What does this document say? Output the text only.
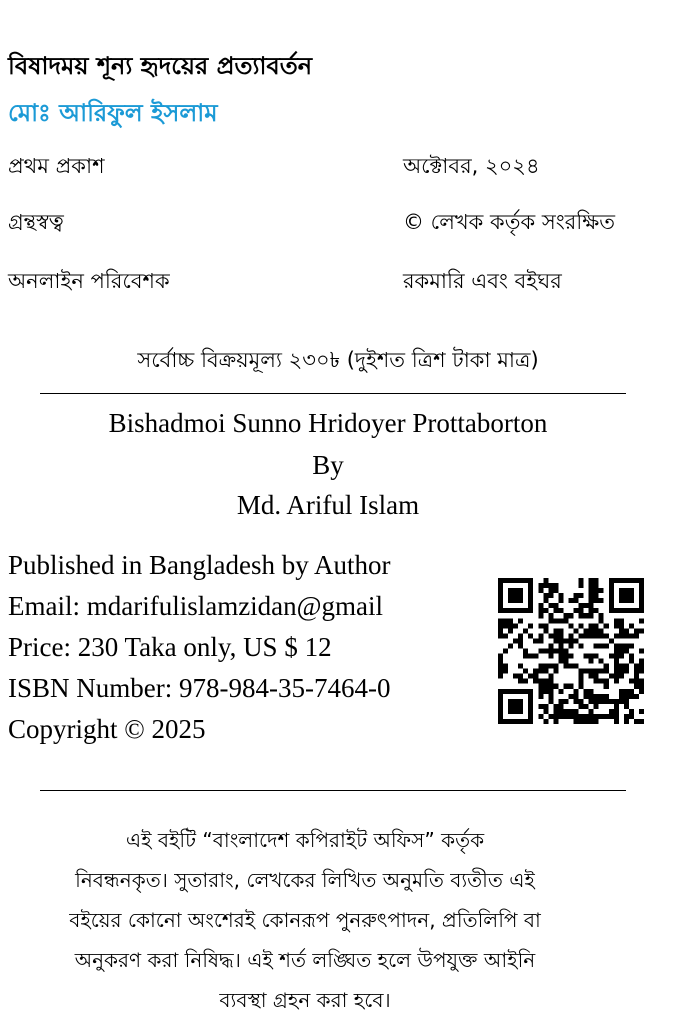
বিষাদময় শূন্য হৃদয়ের প্রত্যাবর্তন
মোঃ আরিফুল ইসলাম
প্রথম প্রকাশ	অক্টোবর, ২০২৪
গ্রন্থস্বত্ব	© লেখক কর্তৃক সংরক্ষিত
অনলাইন পরিবেশক	রকমারি এবং বইঘর
সর্বোচ্চ বিক্রয়মূল্য ২৩০৳ (দুইশত ত্রিশ টাকা মাত্র)
Bishadmoi Sunno Hridoyer Prottaborton
By
Md. Ariful Islam
Published in Bangladesh by Author
Email: mdarifulislamzidan@gmail
Price: 230 Taka only, US $ 12
ISBN Number: 978-984-35-7464-0
Copyright © 2025
এই বইটি “বাংলাদেশ কপিরাইট অফিস” কর্তৃক
নিবন্ধনকৃত। সুতারাং, লেখকের লিখিত অনুমতি ব্যতীত এই
বইয়ের কোনো অংশেরই কোনরূপ পুনরুৎপাদন, প্রতিলিপি বা
অনুকরণ করা নিষিদ্ধ। এই শর্ত লঙ্ঘিত হলে উপযুক্ত আইনি
ব্যবস্থা গ্রহন করা হবে।
